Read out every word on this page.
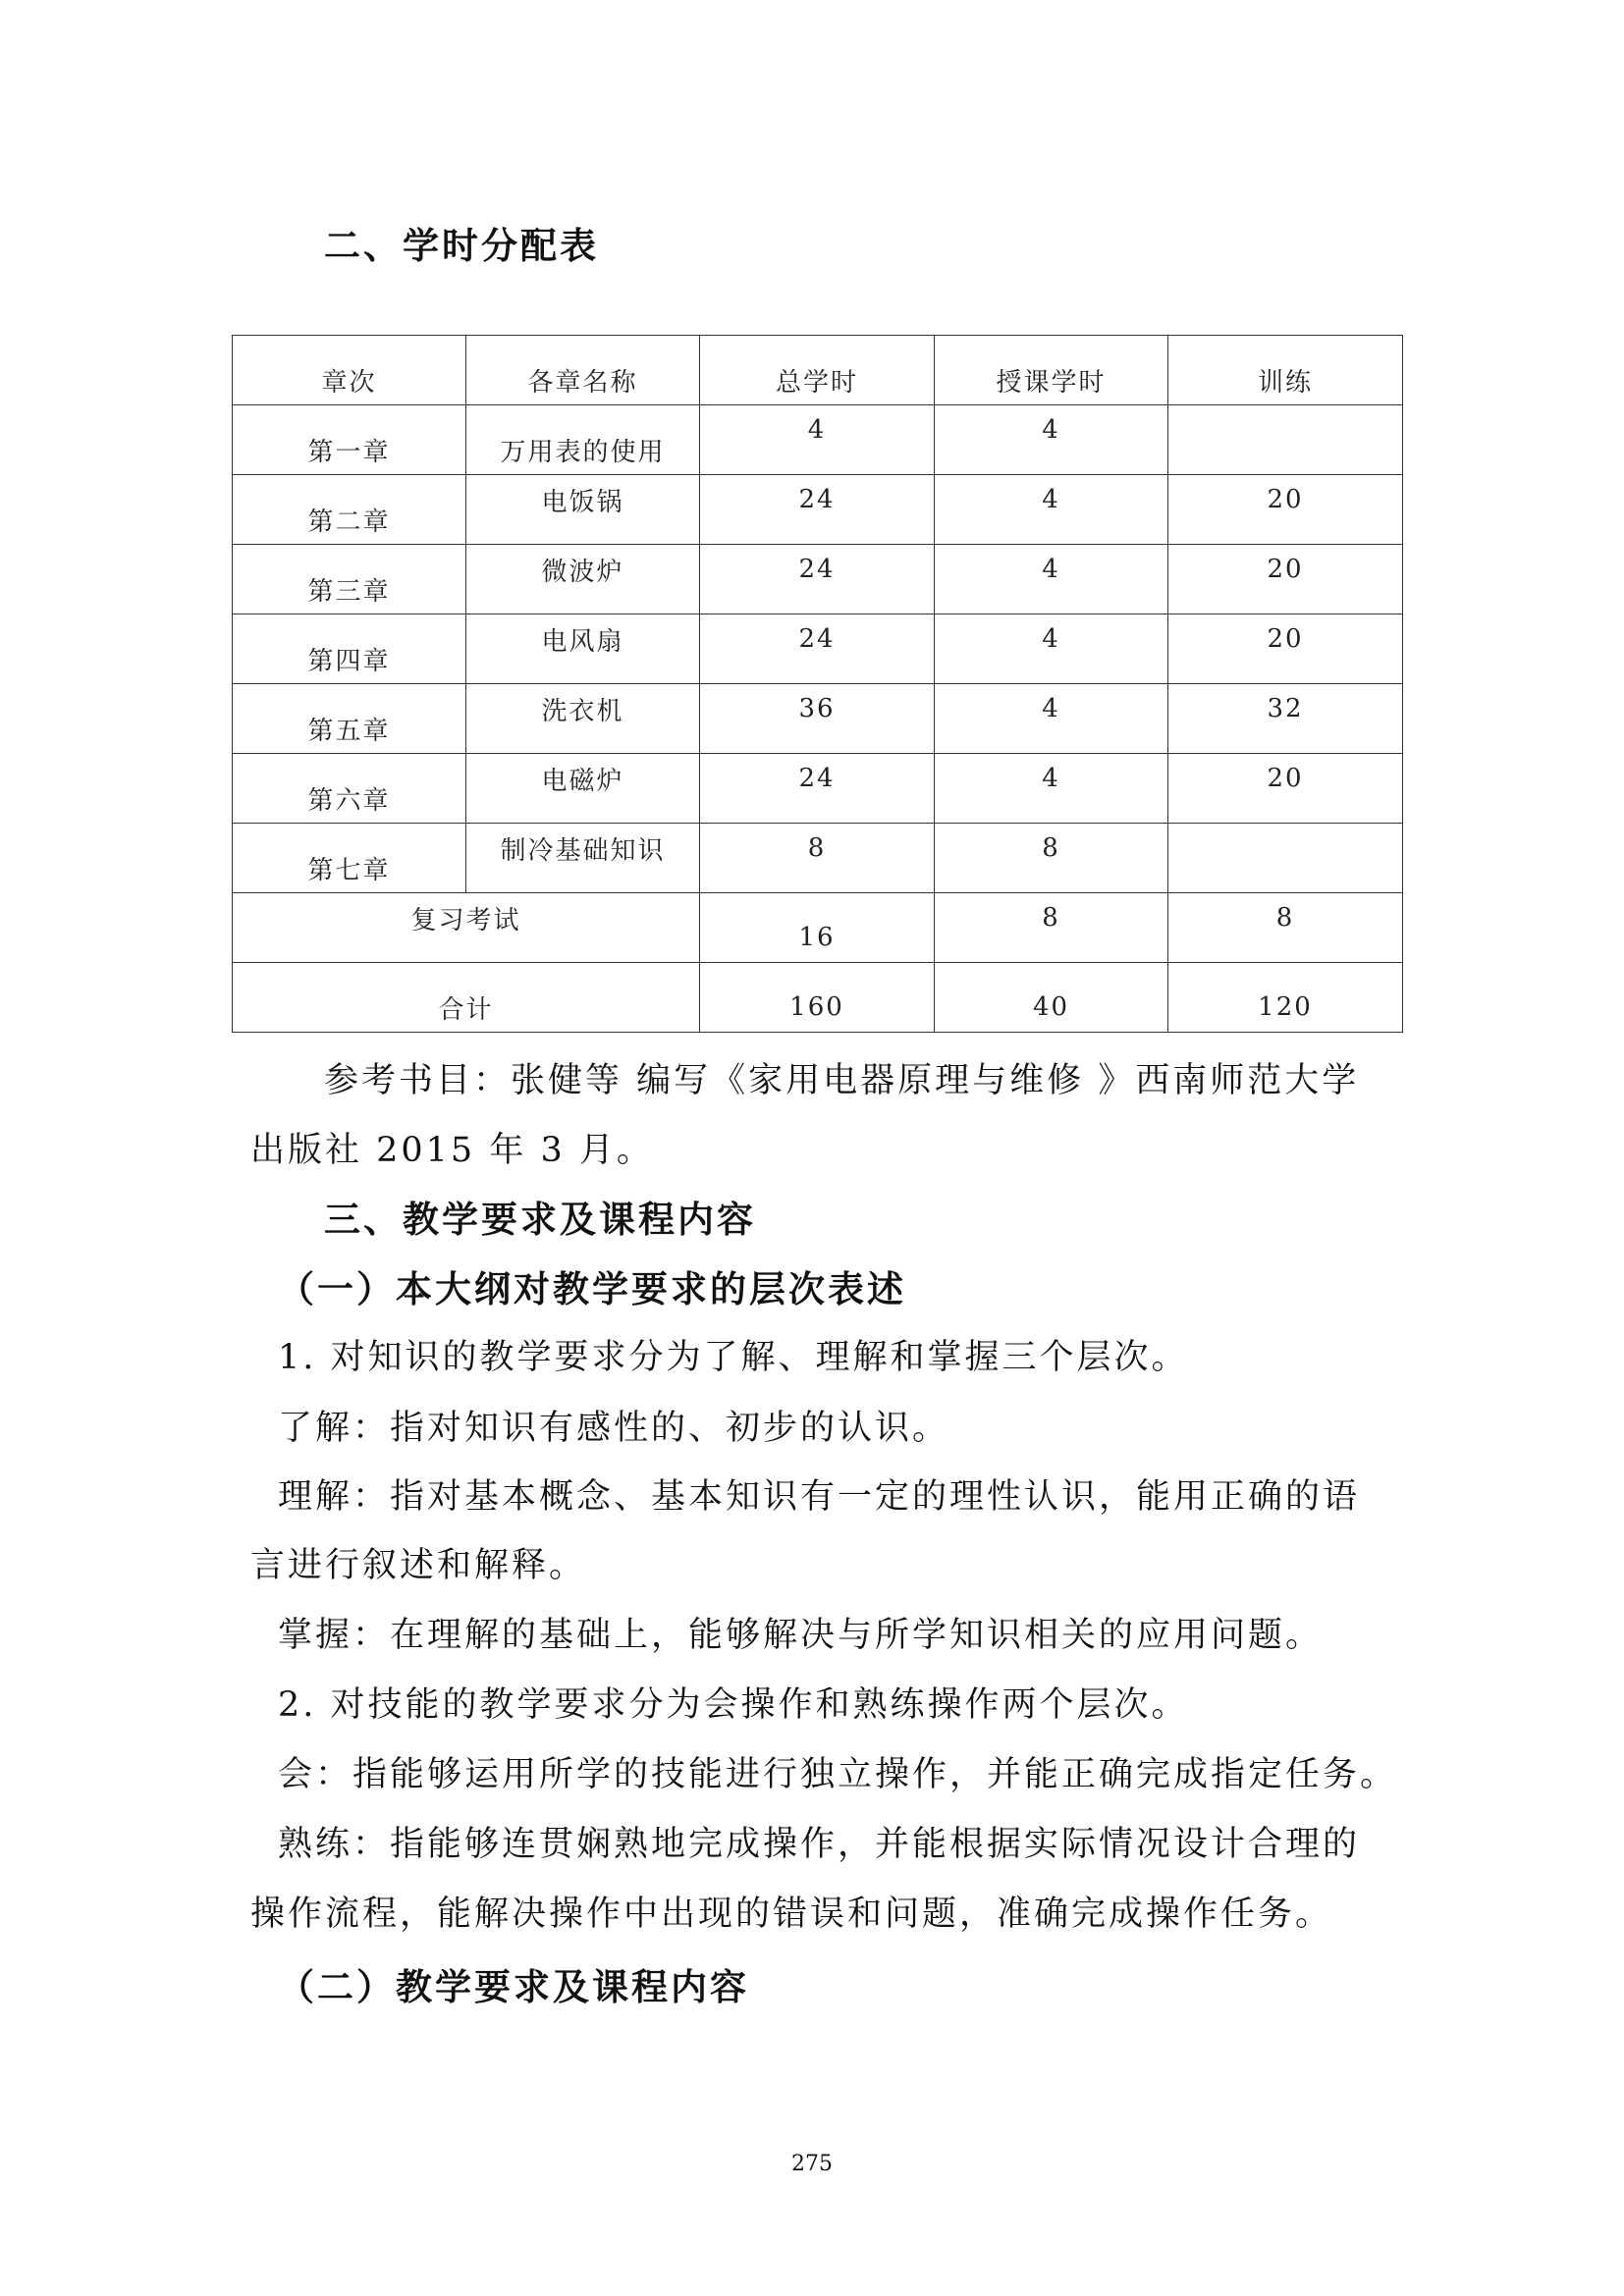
二、学时分配表
章次	各章名称	总学时	授课学时	训练
第一章	万用表的使用	4	4	
第二章	电饭锅	24	4	20
第三章	微波炉	24	4	20
第四章	电风扇	24	4	20
第五章	洗衣机	36	4	32
第六章	电磁炉	24	4	20
第七章	制冷基础知识	8	8	
复习考试		16	8	8
合计		160	40	120
参考书目：张健等 编写《家用电器原理与维修 》西南师范大学
出版社 2015 年 3 月。
三、教学要求及课程内容
（一）本大纲对教学要求的层次表述
1. 对知识的教学要求分为了解、理解和掌握三个层次。
了解：指对知识有感性的、初步的认识。
理解：指对基本概念、基本知识有一定的理性认识，能用正确的语
言进行叙述和解释。
掌握：在理解的基础上，能够解决与所学知识相关的应用问题。
2. 对技能的教学要求分为会操作和熟练操作两个层次。
会：指能够运用所学的技能进行独立操作，并能正确完成指定任务。
熟练：指能够连贯娴熟地完成操作，并能根据实际情况设计合理的
操作流程，能解决操作中出现的错误和问题，准确完成操作任务。
（二）教学要求及课程内容
275
